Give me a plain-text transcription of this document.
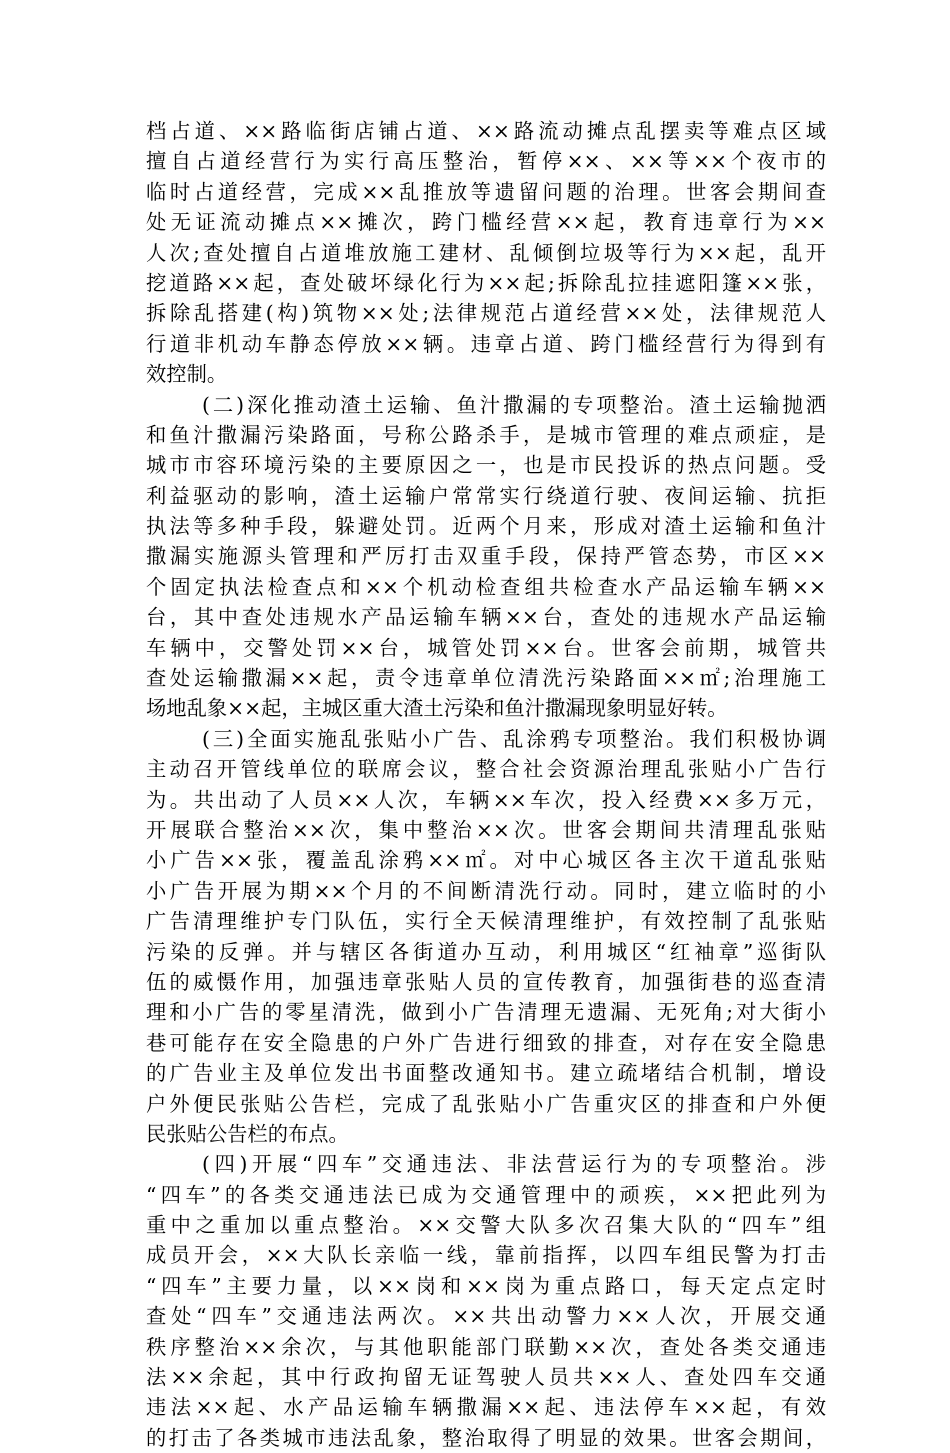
档占道、××路临街店铺占道、××路流动摊点乱摆卖等难点区域
擅自占道经营行为实行高压整治，暂停××、××等××个夜市的
临时占道经营，完成××乱推放等遗留问题的治理。世客会期间查
处无证流动摊点××摊次，跨门槛经营××起，教育违章行为××
人次;查处擅自占道堆放施工建材、乱倾倒垃圾等行为××起，乱开
挖道路××起，查处破坏绿化行为××起;拆除乱拉挂遮阳篷××张，
拆除乱搭建(构)筑物××处;法律规范占道经营××处，法律规范人
行道非机动车静态停放××辆。违章占道、跨门槛经营行为得到有
效控制。
(二)深化推动渣土运输、鱼汁撒漏的专项整治。渣土运输抛洒
和鱼汁撒漏污染路面，号称公路杀手，是城市管理的难点顽症，是
城市市容环境污染的主要原因之一，也是市民投诉的热点问题。受
利益驱动的影响，渣土运输户常常实行绕道行驶、夜间运输、抗拒
执法等多种手段，躲避处罚。近两个月来，形成对渣土运输和鱼汁
撒漏实施源头管理和严厉打击双重手段，保持严管态势，市区××
个固定执法检查点和××个机动检查组共检查水产品运输车辆××
台，其中查处违规水产品运输车辆××台，查处的违规水产品运输
车辆中，交警处罚××台，城管处罚××台。世客会前期，城管共
查处运输撒漏××起，责令违章单位清洗污染路面××㎡;治理施工
场地乱象××起，主城区重大渣土污染和鱼汁撒漏现象明显好转。
(三)全面实施乱张贴小广告、乱涂鸦专项整治。我们积极协调
主动召开管线单位的联席会议，整合社会资源治理乱张贴小广告行
为。共出动了人员××人次，车辆××车次，投入经费××多万元，
开展联合整治××次，集中整治××次。世客会期间共清理乱张贴
小广告××张，覆盖乱涂鸦××㎡。对中心城区各主次干道乱张贴
小广告开展为期××个月的不间断清洗行动。同时，建立临时的小
广告清理维护专门队伍，实行全天候清理维护，有效控制了乱张贴
污染的反弹。并与辖区各街道办互动，利用城区“红袖章”巡街队
伍的威慑作用，加强违章张贴人员的宣传教育，加强街巷的巡查清
理和小广告的零星清洗，做到小广告清理无遗漏、无死角;对大街小
巷可能存在安全隐患的户外广告进行细致的排查，对存在安全隐患
的广告业主及单位发出书面整改通知书。建立疏堵结合机制，增设
户外便民张贴公告栏，完成了乱张贴小广告重灾区的排查和户外便
民张贴公告栏的布点。
(四)开展“四车”交通违法、非法营运行为的专项整治。涉
“四车”的各类交通违法已成为交通管理中的顽疾，××把此列为
重中之重加以重点整治。××交警大队多次召集大队的“四车”组
成员开会，××大队长亲临一线，靠前指挥，以四车组民警为打击
“四车”主要力量，以××岗和××岗为重点路口，每天定点定时
查处“四车”交通违法两次。××共出动警力××人次，开展交通
秩序整治××余次，与其他职能部门联勤××次，查处各类交通违
法××余起，其中行政拘留无证驾驶人员共××人、查处四车交通
违法××起、水产品运输车辆撒漏××起、违法停车××起，有效
的打击了各类城市违法乱象，整治取得了明显的效果。世客会期间，
